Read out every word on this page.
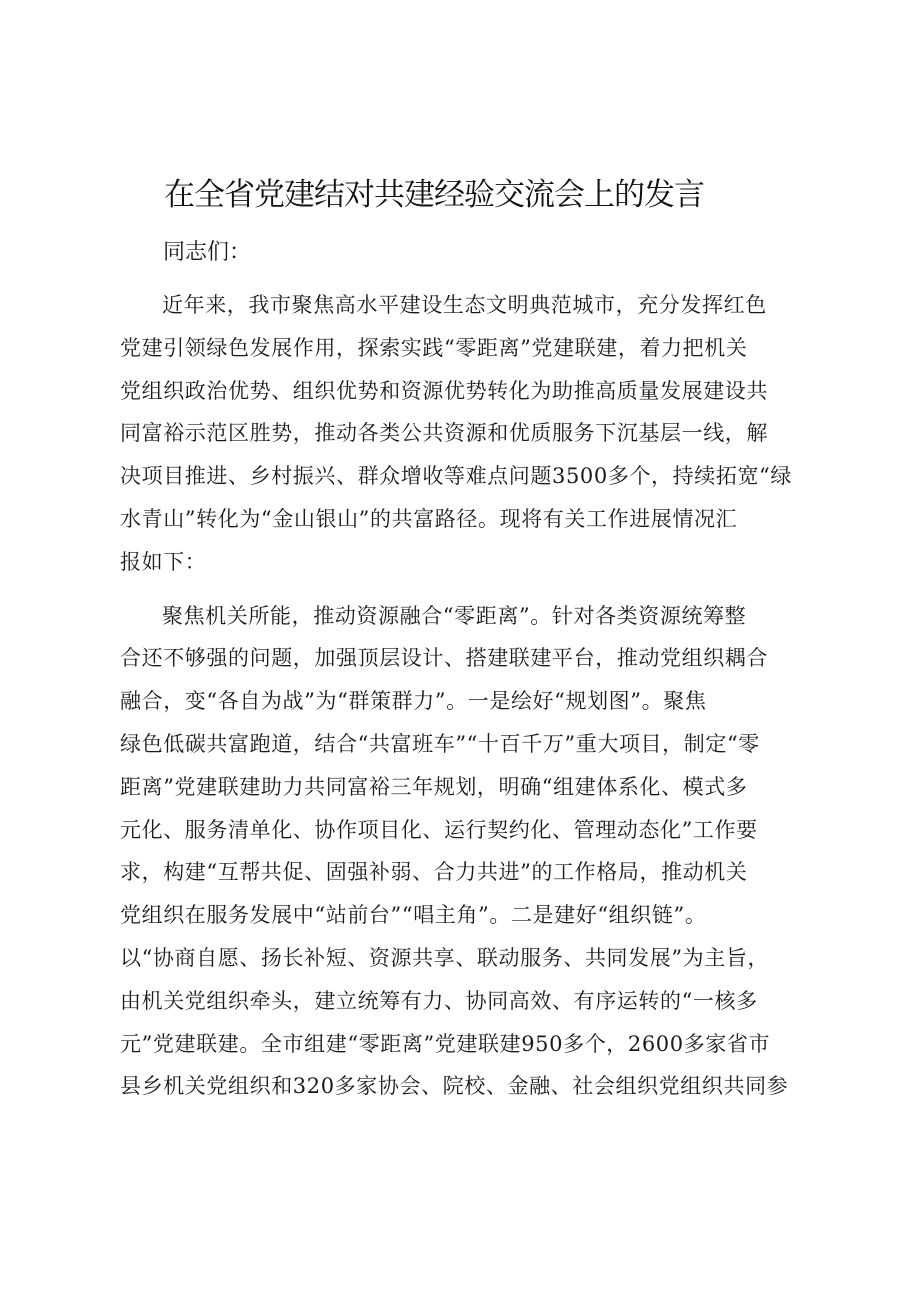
在全省党建结对共建经验交流会上的发言

同志们：

近年来，我市聚焦高水平建设生态文明典范城市，充分发挥红色
党建引领绿色发展作用，探索实践“零距离”党建联建，着力把机关
党组织政治优势、组织优势和资源优势转化为助推高质量发展建设共
同富裕示范区胜势，推动各类公共资源和优质服务下沉基层一线，解
决项目推进、乡村振兴、群众增收等难点问题3500多个，持续拓宽“绿
水青山”转化为“金山银山”的共富路径。现将有关工作进展情况汇
报如下：
聚焦机关所能，推动资源融合“零距离”。针对各类资源统筹整
合还不够强的问题，加强顶层设计、搭建联建平台，推动党组织耦合
融合，变“各自为战”为“群策群力”。一是绘好“规划图”。聚焦
绿色低碳共富跑道，结合“共富班车”“十百千万”重大项目，制定“零
距离”党建联建助力共同富裕三年规划，明确“组建体系化、模式多
元化、服务清单化、协作项目化、运行契约化、管理动态化”工作要
求，构建“互帮共促、固强补弱、合力共进”的工作格局，推动机关
党组织在服务发展中“站前台”“唱主角”。二是建好“组织链”。
以“协商自愿、扬长补短、资源共享、联动服务、共同发展”为主旨，
由机关党组织牵头，建立统筹有力、协同高效、有序运转的“一核多
元”党建联建。全市组建“零距离”党建联建950多个，2600多家省市
县乡机关党组织和320多家协会、院校、金融、社会组织党组织共同参
